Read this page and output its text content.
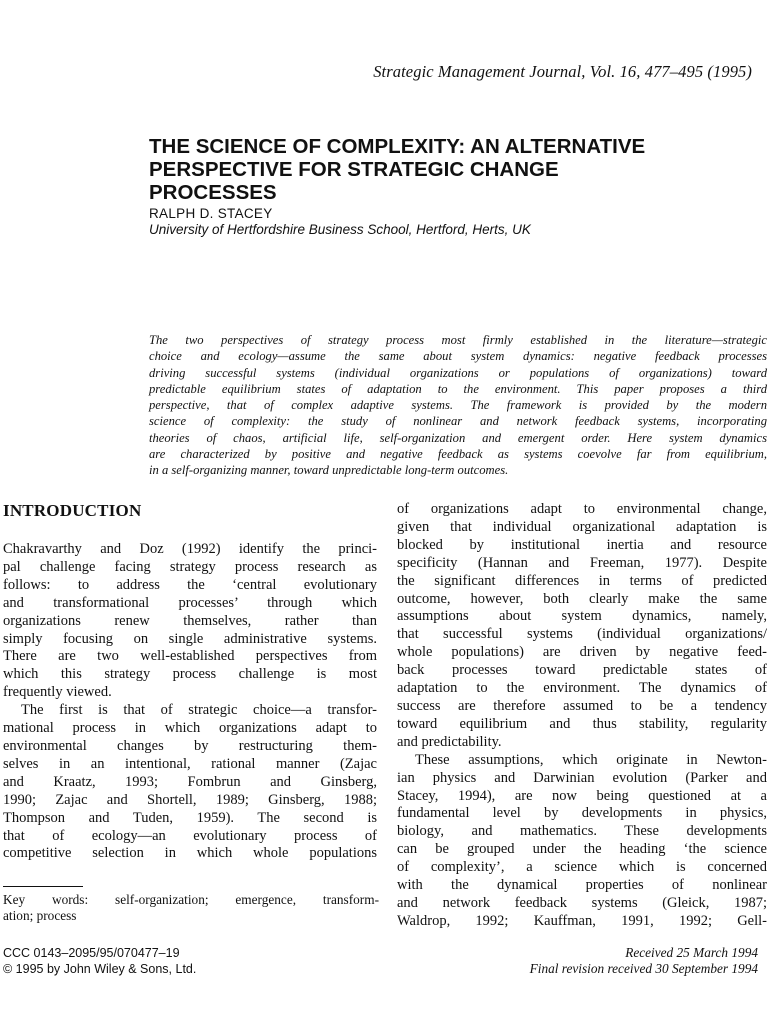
Strategic Management Journal, Vol. 16, 477–495 (1995)
THE SCIENCE OF COMPLEXITY: AN ALTERNATIVE
PERSPECTIVE FOR STRATEGIC CHANGE
PROCESSES
RALPH D. STACEY
University of Hertfordshire Business School, Hertford, Herts, UK
The two perspectives of strategy process most firmly established in the literature—strategic
choice and ecology—assume the same about system dynamics: negative feedback processes
driving successful systems (individual organizations or populations of organizations) toward
predictable equilibrium states of adaptation to the environment. This paper proposes a third
perspective, that of complex adaptive systems. The framework is provided by the modern
science of complexity: the study of nonlinear and network feedback systems, incorporating
theories of chaos, artificial life, self-organization and emergent order. Here system dynamics
are characterized by positive and negative feedback as systems coevolve far from equilibrium,
in a self-organizing manner, toward unpredictable long-term outcomes.
INTRODUCTION
Chakravarthy and Doz (1992) identify the princi-
pal challenge facing strategy process research as
follows: to address the ‘central evolutionary
and transformational processes’ through which
organizations renew themselves, rather than
simply focusing on single administrative systems.
There are two well-established perspectives from
which this strategy process challenge is most
frequently viewed.
The first is that of strategic choice—a transfor-
mational process in which organizations adapt to
environmental changes by restructuring them-
selves in an intentional, rational manner (Zajac
and Kraatz, 1993; Fombrun and Ginsberg,
1990; Zajac and Shortell, 1989; Ginsberg, 1988;
Thompson and Tuden, 1959). The second is
that of ecology—an evolutionary process of
competitive selection in which whole populations
of organizations adapt to environmental change,
given that individual organizational adaptation is
blocked by institutional inertia and resource
specificity (Hannan and Freeman, 1977). Despite
the significant differences in terms of predicted
outcome, however, both clearly make the same
assumptions about system dynamics, namely,
that successful systems (individual organizations/
whole populations) are driven by negative feed-
back processes toward predictable states of
adaptation to the environment. The dynamics of
success are therefore assumed to be a tendency
toward equilibrium and thus stability, regularity
and predictability.
These assumptions, which originate in Newton-
ian physics and Darwinian evolution (Parker and
Stacey, 1994), are now being questioned at a
fundamental level by developments in physics,
biology, and mathematics. These developments
can be grouped under the heading ‘the science
of complexity’, a science which is concerned
with the dynamical properties of nonlinear
and network feedback systems (Gleick, 1987;
Waldrop, 1992; Kauffman, 1991, 1992; Gell-
Key words: self-organization; emergence, transform-
ation; process
CCC 0143–2095/95/070477–19
© 1995 by John Wiley & Sons, Ltd.
Received 25 March 1994
Final revision received 30 September 1994
